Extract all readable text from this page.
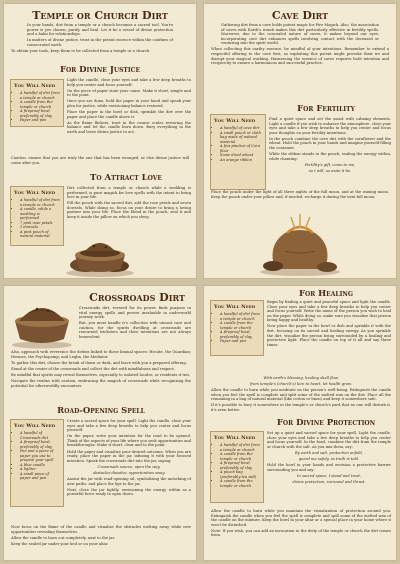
Temple or Church Dirt

In your hands, dirt from a temple or a church becomes a sacred tool. You're power is yes chosen, purify, and heal. Let it be a vessel of divine protection and a balm for relationships.

In matters of divine justice, trust in the potent essence within the confines of consecrated earth.

To obtain your tools, keep them to be collected from a temple or a church.

For Divine Justice
You Will Need
• A handful of dirt from a temple or church
• A candle from the temple or church
• A fireproof bowl, preferably of clay
• Paper and pen

Light the candle, close your eyes and take a few deep breaths to help you center and focus yourself.

On the piece of paper state your cause. Make it short, simple and to the point.

Once you are done, hold the paper in your hand and speak your plea for justice, while envisioning balance restored.

Place the paper in the bowl or dish, sprinkle the dirt over the paper and place the candle above it.

As the flame flickers, trust in the cosmic scales restoring the balance and let the candle burn down. Bury everything in the earth and leave divine justice to act.

Caution: ensure that you are truly the one that has been wronged, or else divine justice will come after you.

To Attract Love
You Will Need
• A handful of dirt from a temple or church
• A candle, while a wedding is performed
• 7 pink rose petals
• 1 dowsels
• A pink pouch of natural material

Dirt collected from a temple or church while a wedding is performed, is pure magick for love spells with the intent to bring love in your life.

Fill the pouch with the sacred dirt, add the rose petals and seven dowsels. While doing so, focus on your desire to bring a loving partner into your life. Place the blend in the pouch, seal it and keep it inside the pillow on which you sleep.

Cave Dirt

Gathering dirt from a cave holds potent magic for Fire Magick. Also, the association of caves with Earth's womb makes this dirt particularly effective in fertility spells. Moreover, due to the concealed nature of caves, it makes beyond our eyes, incorporating cave dirt enhances spells involving contact with the deceased or venturing into the spirit world.

When collecting this earthy essence, be mindful of your intentions. Remember to extend a respectful offering to the cave first, as exploiting this potent might provoke their ire and disrupt your magical working. Harnessing the essence of caves requires both intention and reciprocity to ensure a harmonious and successful practice.

For Fertility
You Will Need
• A handful of cave dirt
• A small pouch or cloth bag made of natural material
• A few pinches of Corn flour
• Some dried wheat
• An orange ribbon

Find a quiet space and set the mood with calming elements. Light a candle if you wish to enhance the atmosphere. close your eyes and take a few deep breaths to help you center and focus your thoughts on your fertility intentions.

In the pouch combine the cave dirt with the cornflower and the wheat. Hold the pouch in your hands and imagine yourself filling the container.

While the ribbon stands in the pouch, sealing the energy within, while chanting:

Fertility's gift, come to me,

so I will, so mote it be.

Place the pouch under the light of all three nights of the full moon, and at the waxing moon. Keep the pouch under your pillow and, if needed, recharge it during the next full moon.

Crossroads Dirt

Crossroads dirt, revered for its power, finds purpose in vital energy spells and proves invaluable in underworld journey work.

But, you must handle it's collection with utmost care and caution, for the spirits dwelling at crossroads are renowned tricksters and their intentions are not always benevolent.

Also, approach with reverence the deities linked to these liminal spaces: Hecate, the Guardian; Hermes, the Psychopomp; and Legba, the Mediator.

To gather this dirt, choose the break of dawn or dusk, and leave with you a prepared offering.

Stand at the center of the crossroads and collect the dirt with mindfulness and respect.

Be mindful that spirits may reveal themselves, especially to isolated locales, or residents it ties.

Navigate the realms with caution, embracing the magick of crossroads while recognizing the potential for otherworldly encounters.

Road-Opening Spell
You Will Need
• A handful of Crossroads dirt
• A fireproof bowl, preferably of clay
• Pen and a piece of paper you use to prepare your spell
• A blue candle
• A lighter
• A small piece of paper and pen

Create a sacred space for your spell. Light the candle, close your eyes and take a few deep breaths to help you center and focus yourself.

On the paper, write your intention for the road to be opened. Think of the aspects of your life where you seek opportunities and breakthroughs. Make it short, clear and to the point.

Hold the paper and visualize your desired outcome. When you are ready, place the paper in the jar, infusing it with your focused intention. Speak the crossroads dirt into the jar, saying:

Crossroads source, open the way,

obstacles dissolve, opportunities sway.

Anoint the jar with road-opening oil, symbolizing the unlocking of new paths, and place the lips to the jar.

Next, close the jar tightly, envisioning the energy within as a powerful force ready to open doors.

Now focus on the flame of the candle and visualize the obstacles melting away while new opportunities revealing themselves.

Allow the candle to burn out completely, next to the jar.

Keep the sealed jar under your bed or on your altar.

For Healing
You Will Need
• A handful of dirt from a temple or church
• A candle from the temple or church
• A fireproof bowl, preferably of clay
• Paper and pen

Begin by finding a quiet and peaceful space and light the candle. Close your eyes and take a few deep breaths to help you center and focus yourself. Write the name of the person you wish to heal on the paper. While doing so, make sure you visualize that person being happy and healthy.

Now place the paper in the bowl or dish and sprinkle it with the dirt, focusing on its sacred and healing energy. As you sprinkle the dirt, visualize the person being surrounded by a healing and protective light. Place the candle on top of it all and say three times:

With earth's blessing, healing shall flow,

from temple's (church's) lore to heart, let health grow.

Allow the candle to burn while you meditate on the person's well-being. Extinguish the candle when you feel the spell is complete and split some of the melted wax on the dirt. Place all the remaining in a bag of natural material (like cotton or linen) and keep it somewhere safe.

If it's possible to bury it somewhere in the temple's or church's yard that no one will disturb it, it's even better.

For Divine Protection
You Will Need
• A handful of dirt from a temple or church
• A candle from the temple or church
• A fireproof bowl, preferably of clay
• A pouch bag (preferably tea salt)
• A candle from the temple or church

Set up a quiet and sacred space for your spell. Light the candle, close your eyes and take a few deep breaths to help you center and focus yourself. In the bowl, combine the dirt from the temple or church with the salt. As you mix them, say:

By earth and salt, protection unfold,

guard me safely, as truth is told.

Hold the bowl in your hands and envision a protective barrier surrounding you and say:

In sacred space, I stand and trust,

divine protection, surround and thrust.

Allow the candle to burn while you maintain the visualization of protection around you. Extinguish the candle when you feel the spell is complete and spill some of the melted wax of the candle on the mixture. Keep the bowl in your altar or a special place in your home where it won't be disturbed.

Note: If you wish, you can add an invocation to the deity of the temple or church the dirt comes from.
